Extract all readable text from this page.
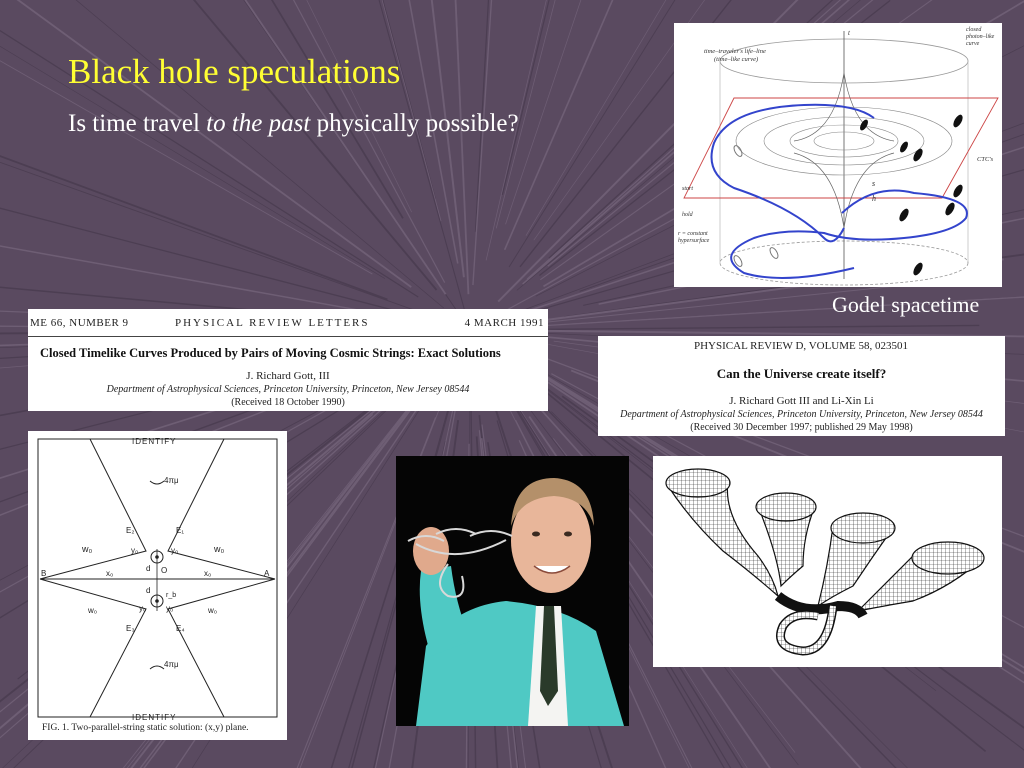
Black hole speculations
Is time travel to the past physically possible?
time–traveler's life–line
(time–like curve)
closed
photon–like
curve
CTC's
start
hold
r = constant
hypersurface
s
h
t
Godel spacetime
ME 66, NUMBER 9	PHYSICAL REVIEW LETTERS	4 MARCH 1991
Closed Timelike Curves Produced by Pairs of Moving Cosmic Strings: Exact Solutions
J. Richard Gott, III
Department of Astrophysical Sciences, Princeton University, Princeton, New Jersey 08544
(Received 18 October 1990)
PHYSICAL REVIEW D, VOLUME 58, 023501
Can the Universe create itself?
J. Richard Gott III and Li-Xin Li
Department of Astrophysical Sciences, Princeton University, Princeton, New Jersey 08544
(Received 30 December 1997; published 29 May 1998)
IDENTIFY
IDENTIFY
4πμ
4πμ
E₁
E₂
E₃	E₄
w₀	w₀
w₀	w₀
y₀	y₀
y₀ y₀
x₀	x₀	A
B	O
d
d
r_b
FIG. 1. Two-parallel-string static solution: (x,y) plane.
